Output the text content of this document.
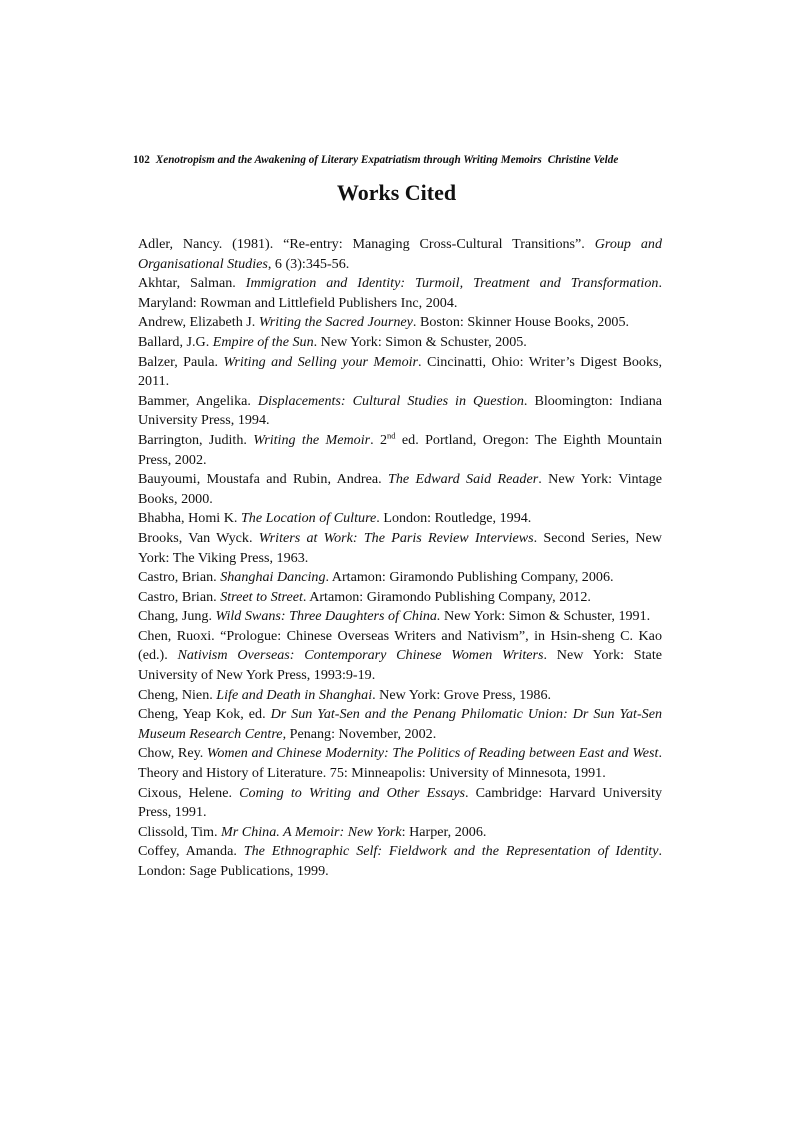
102 Xenotropism and the Awakening of Literary Expatriatism through Writing Memoirs Christine Velde
Works Cited

Adler, Nancy. (1981). “Re-entry: Managing Cross-Cultural Transitions”. Group and Organisational Studies, 6 (3):345-56.

Akhtar, Salman. Immigration and Identity: Turmoil, Treatment and Transformation. Maryland: Rowman and Littlefield Publishers Inc, 2004.

Andrew, Elizabeth J. Writing the Sacred Journey. Boston: Skinner House Books, 2005.

Ballard, J.G. Empire of the Sun. New York: Simon & Schuster, 2005.

Balzer, Paula. Writing and Selling your Memoir. Cincinatti, Ohio: Writer’s Digest Books, 2011.

Bammer, Angelika. Displacements: Cultural Studies in Question. Bloomington: Indiana University Press, 1994.

Barrington, Judith. Writing the Memoir. 2nd ed. Portland, Oregon: The Eighth Mountain Press, 2002.

Bauyoumi, Moustafa and Rubin, Andrea. The Edward Said Reader. New York: Vintage Books, 2000.

Bhabha, Homi K. The Location of Culture. London: Routledge, 1994.

Brooks, Van Wyck. Writers at Work: The Paris Review Interviews. Second Series, New York: The Viking Press, 1963.

Castro, Brian. Shanghai Dancing. Artamon: Giramondo Publishing Company, 2006.

Castro, Brian. Street to Street. Artamon: Giramondo Publishing Company, 2012.

Chang, Jung. Wild Swans: Three Daughters of China. New York: Simon & Schuster, 1991.

Chen, Ruoxi. “Prologue: Chinese Overseas Writers and Nativism”, in Hsin-sheng C. Kao (ed.). Nativism Overseas: Contemporary Chinese Women Writers. New York: State University of New York Press, 1993:9-19.

Cheng, Nien. Life and Death in Shanghai. New York: Grove Press, 1986.

Cheng, Yeap Kok, ed. Dr Sun Yat-Sen and the Penang Philomatic Union: Dr Sun Yat-Sen Museum Research Centre, Penang: November, 2002.

Chow, Rey. Women and Chinese Modernity: The Politics of Reading between East and West. Theory and History of Literature. 75: Minneapolis: University of Minnesota, 1991.

Cixous, Helene. Coming to Writing and Other Essays. Cambridge: Harvard University Press, 1991.

Clissold, Tim. Mr China. A Memoir: New York: Harper, 2006.

Coffey, Amanda. The Ethnographic Self: Fieldwork and the Representation of Identity. London: Sage Publications, 1999.
